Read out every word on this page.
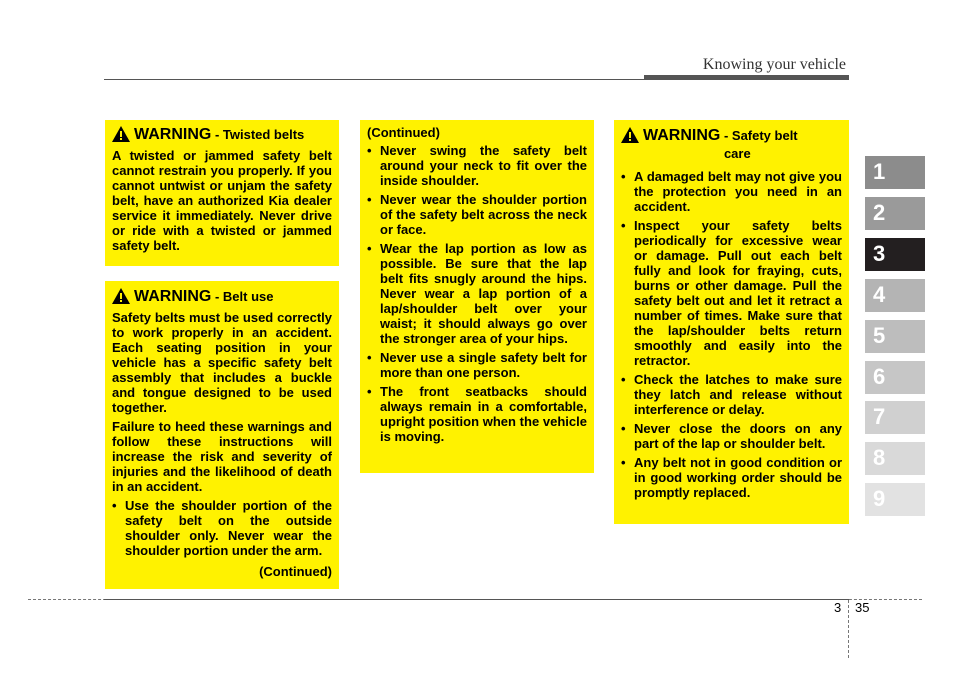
Knowing your vehicle
WARNING
- Twisted belts

A twisted or jammed safety belt cannot restrain you properly. If you cannot untwist or unjam the safety belt, have an authorized Kia dealer service it immediately. Never drive or ride with a twisted or jammed safety belt.

WARNING
- Belt use

Safety belts must be used correctly to work properly in an accident. Each seating position in your vehicle has a specific safety belt assembly that includes a buckle and tongue designed to be used together.

Failure to heed these warnings and follow these instructions will increase the risk and severity of injuries and the likelihood of death in an accident.

• Use the shoulder portion of the safety belt on the outside shoulder only. Never wear the shoulder portion under the arm.
(Continued)
(Continued)
• Never swing the safety belt around your neck to fit over the inside shoulder.
• Never wear the shoulder portion of the safety belt across the neck or face.
• Wear the lap portion as low as possible. Be sure that the lap belt fits snugly around the hips. Never wear a lap portion of a lap/shoulder belt over your waist; it should always go over the stronger area of your hips.
• Never use a single safety belt for more than one person.
• The front seatbacks should always remain in a comfortable, upright position when the vehicle is moving.
WARNING
- Safety belt care
• A damaged belt may not give you the protection you need in an accident.
• Inspect your safety belts periodically for excessive wear or damage. Pull out each belt fully and look for fraying, cuts, burns or other damage. Pull the safety belt out and let it retract a number of times. Make sure that the lap/shoulder belts return smoothly and easily into the retractor.
• Check the latches to make sure they latch and release without interference or delay.
• Never close the doors on any part of the lap or shoulder belt.
• Any belt not in good condition or in good working order should be promptly replaced.
1
2
3
4
5
6
7
8
9
3 35
